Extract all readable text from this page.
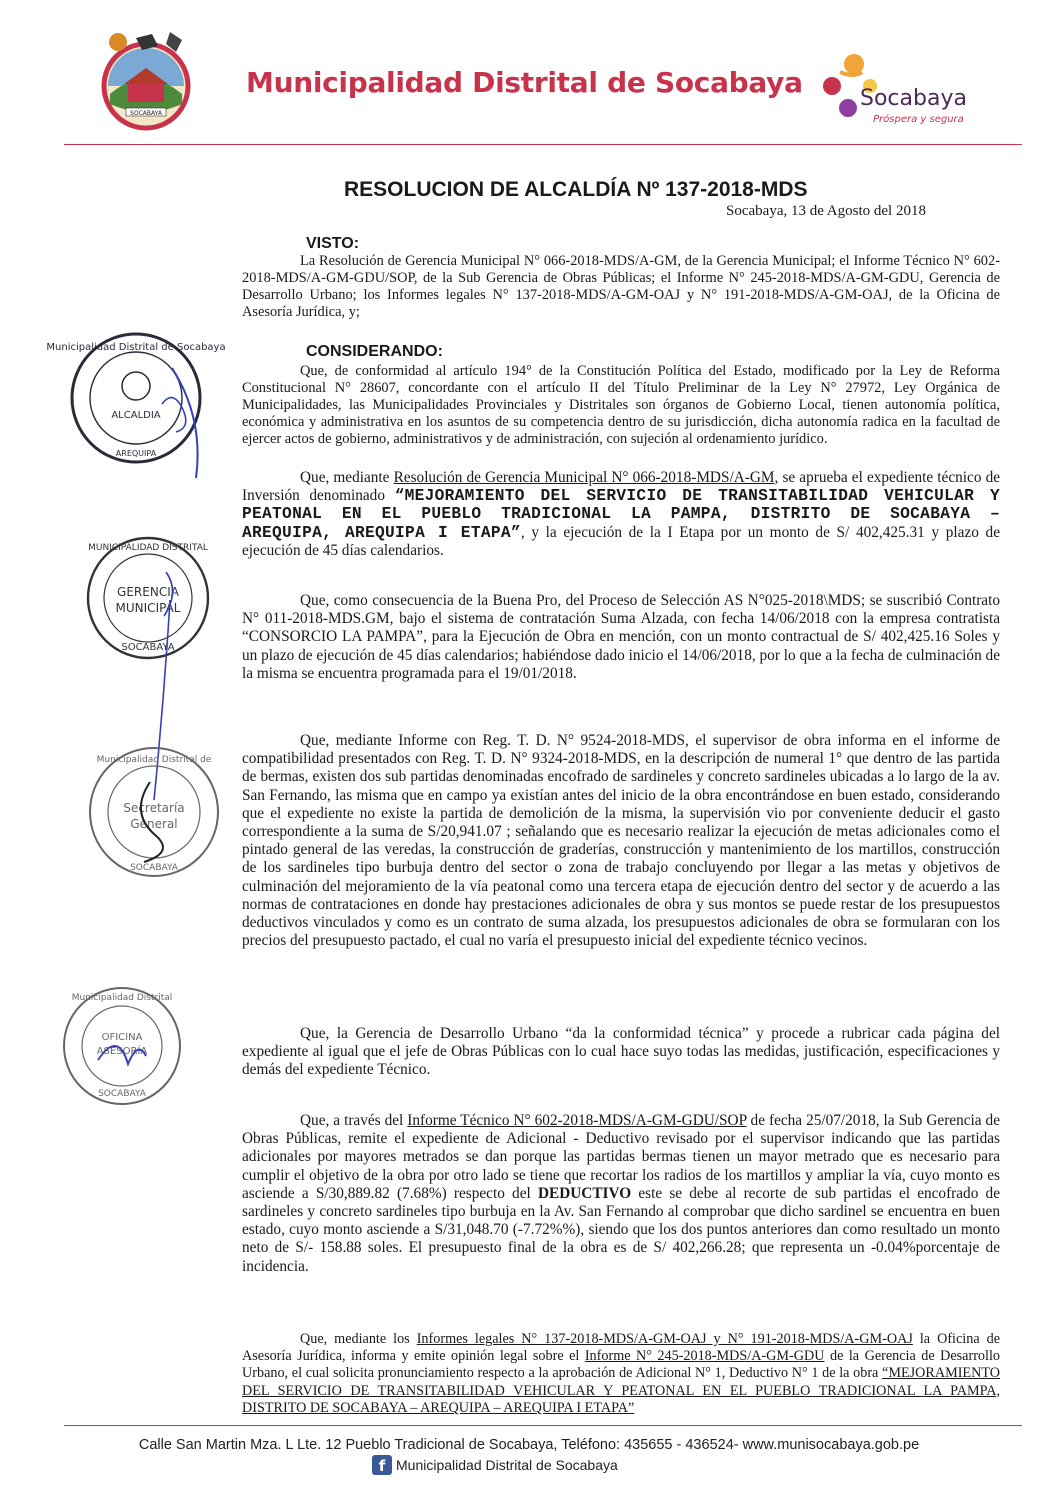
SOCABAYA
Municipalidad Distrital de Socabaya	Socabaya
Próspera y segura
RESOLUCION DE ALCALDÍA Nº 137-2018-MDS
Socabaya, 13 de Agosto del 2018
VISTO:
La Resolución de Gerencia Municipal N° 066-2018-MDS/A-GM, de la Gerencia Municipal; el Informe Técnico N° 602-2018-MDS/A-GM-GDU/SOP, de la Sub Gerencia de Obras Públicas; el Informe N° 245-2018-MDS/A-GM-GDU, Gerencia de Desarrollo Urbano; los Informes legales N° 137-2018-MDS/A-GM-OAJ y N° 191-2018-MDS/A-GM-OAJ, de la Oficina de Asesoría Jurídica, y;
CONSIDERANDO:
Que, de conformidad al artículo 194° de la Constitución Política del Estado, modificado por la Ley de Reforma Constitucional N° 28607, concordante con el artículo II del Título Preliminar de la Ley N° 27972, Ley Orgánica de Municipalidades, las Municipalidades Provinciales y Distritales son órganos de Gobierno Local, tienen autonomía política, económica y administrativa en los asuntos de su competencia dentro de su jurisdicción, dicha autonomía radica en la facultad de ejercer actos de gobierno, administrativos y de administración, con sujeción al ordenamiento jurídico.
Que, mediante Resolución de Gerencia Municipal N° 066-2018-MDS/A-GM, se aprueba el expediente técnico de Inversión denominado “MEJORAMIENTO DEL SERVICIO DE TRANSITABILIDAD VEHICULAR Y PEATONAL EN EL PUEBLO TRADICIONAL LA PAMPA, DISTRITO DE SOCABAYA – AREQUIPA, AREQUIPA I ETAPA”, y la ejecución de la I Etapa por un monto de S/ 402,425.31 y plazo de ejecución de 45 días calendarios.
Que, como consecuencia de la Buena Pro, del Proceso de Selección AS N°025-2018\MDS; se suscribió Contrato N° 011-2018-MDS.GM, bajo el sistema de contratación Suma Alzada, con fecha 14/06/2018 con la empresa contratista “CONSORCIO LA PAMPA”, para la Ejecución de Obra en mención, con un monto contractual de S/ 402,425.16 Soles y un plazo de ejecución de 45 días calendarios; habiéndose dado inicio el 14/06/2018, por lo que a la fecha de culminación de la misma se encuentra programada para el 19/01/2018.
Que, mediante Informe con Reg. T. D. N° 9524-2018-MDS, el supervisor de obra informa en el informe de compatibilidad presentados con Reg. T. D. N° 9324-2018-MDS, en la descripción de numeral 1° que dentro de las partida de bermas, existen dos sub partidas denominadas encofrado de sardineles y concreto sardineles ubicadas a lo largo de la av. San Fernando, las misma que en campo ya existían antes del inicio de la obra encontrándose en buen estado, considerando que el expediente no existe la partida de demolición de la misma, la supervisión vio por conveniente deducir el gasto correspondiente a la suma de S/20,941.07 ; señalando que es necesario realizar la ejecución de metas adicionales como el pintado general de las veredas, la construcción de graderías, construcción y mantenimiento de los martillos, construcción de los sardineles tipo burbuja dentro del sector o zona de trabajo concluyendo por llegar a las metas y objetivos de culminación del mejoramiento de la vía peatonal como una tercera etapa de ejecución dentro del sector y de acuerdo a las normas de contrataciones en donde hay prestaciones adicionales de obra y sus montos se puede restar de los presupuestos deductivos vinculados y como es un contrato de suma alzada, los presupuestos adicionales de obra se formularan con los precios del presupuesto pactado, el cual no varía el presupuesto inicial del expediente técnico vecinos.
Que, la Gerencia de Desarrollo Urbano “da la conformidad técnica” y procede a rubricar cada página del expediente al igual que el jefe de Obras Públicas con lo cual hace suyo todas las medidas, justificación, especificaciones y demás del expediente Técnico.
Que, a través del Informe Técnico N° 602-2018-MDS/A-GM-GDU/SOP de fecha 25/07/2018, la Sub Gerencia de Obras Públicas, remite el expediente de Adicional - Deductivo revisado por el supervisor indicando que las partidas adicionales por mayores metrados se dan porque las partidas bermas tienen un mayor metrado que es necesario para cumplir el objetivo de la obra por otro lado se tiene que recortar los radios de los martillos y ampliar la vía, cuyo monto es asciende a S/30,889.82 (7.68%) respecto del DEDUCTIVO este se debe al recorte de sub partidas el encofrado de sardineles y concreto sardineles tipo burbuja en la Av. San Fernando al comprobar que dicho sardinel se encuentra en buen estado, cuyo monto asciende a S/31,048.70 (-7.72%%), siendo que los dos puntos anteriores dan como resultado un monto neto de S/- 158.88 soles. El presupuesto final de la obra es de S/ 402,266.28; que representa un -0.04%porcentaje de incidencia.
Que, mediante los Informes legales N° 137-2018-MDS/A-GM-OAJ y N° 191-2018-MDS/A-GM-OAJ la Oficina de Asesoría Jurídica, informa y emite opinión legal sobre el Informe N° 245-2018-MDS/A-GM-GDU de la Gerencia de Desarrollo Urbano, el cual solicita pronunciamiento respecto a la aprobación de Adicional N° 1, Deductivo N° 1 de la obra “MEJORAMIENTO DEL SERVICIO DE TRANSITABILIDAD VEHICULAR Y PEATONAL EN EL PUEBLO TRADICIONAL LA PAMPA, DISTRITO DE SOCABAYA – AREQUIPA – AREQUIPA I ETAPA”
Municipalidad Distrital de Socabaya
ALCALDIA
AREQUIPA
MUNICIPALIDAD DISTRITAL
GERENCIA
MUNICIPAL
SOCABAYA
Municipalidad Distrital de
Secretaría
General
SOCABAYA
Municipalidad Distrital
OFICINA
ASESORÍA
SOCABAYA
Calle San Martin Mza. L Lte. 12 Pueblo Tradicional de Socabaya, Teléfono: 435655 - 436524- www.munisocabaya.gob.pe
f Municipalidad Distrital de Socabaya
